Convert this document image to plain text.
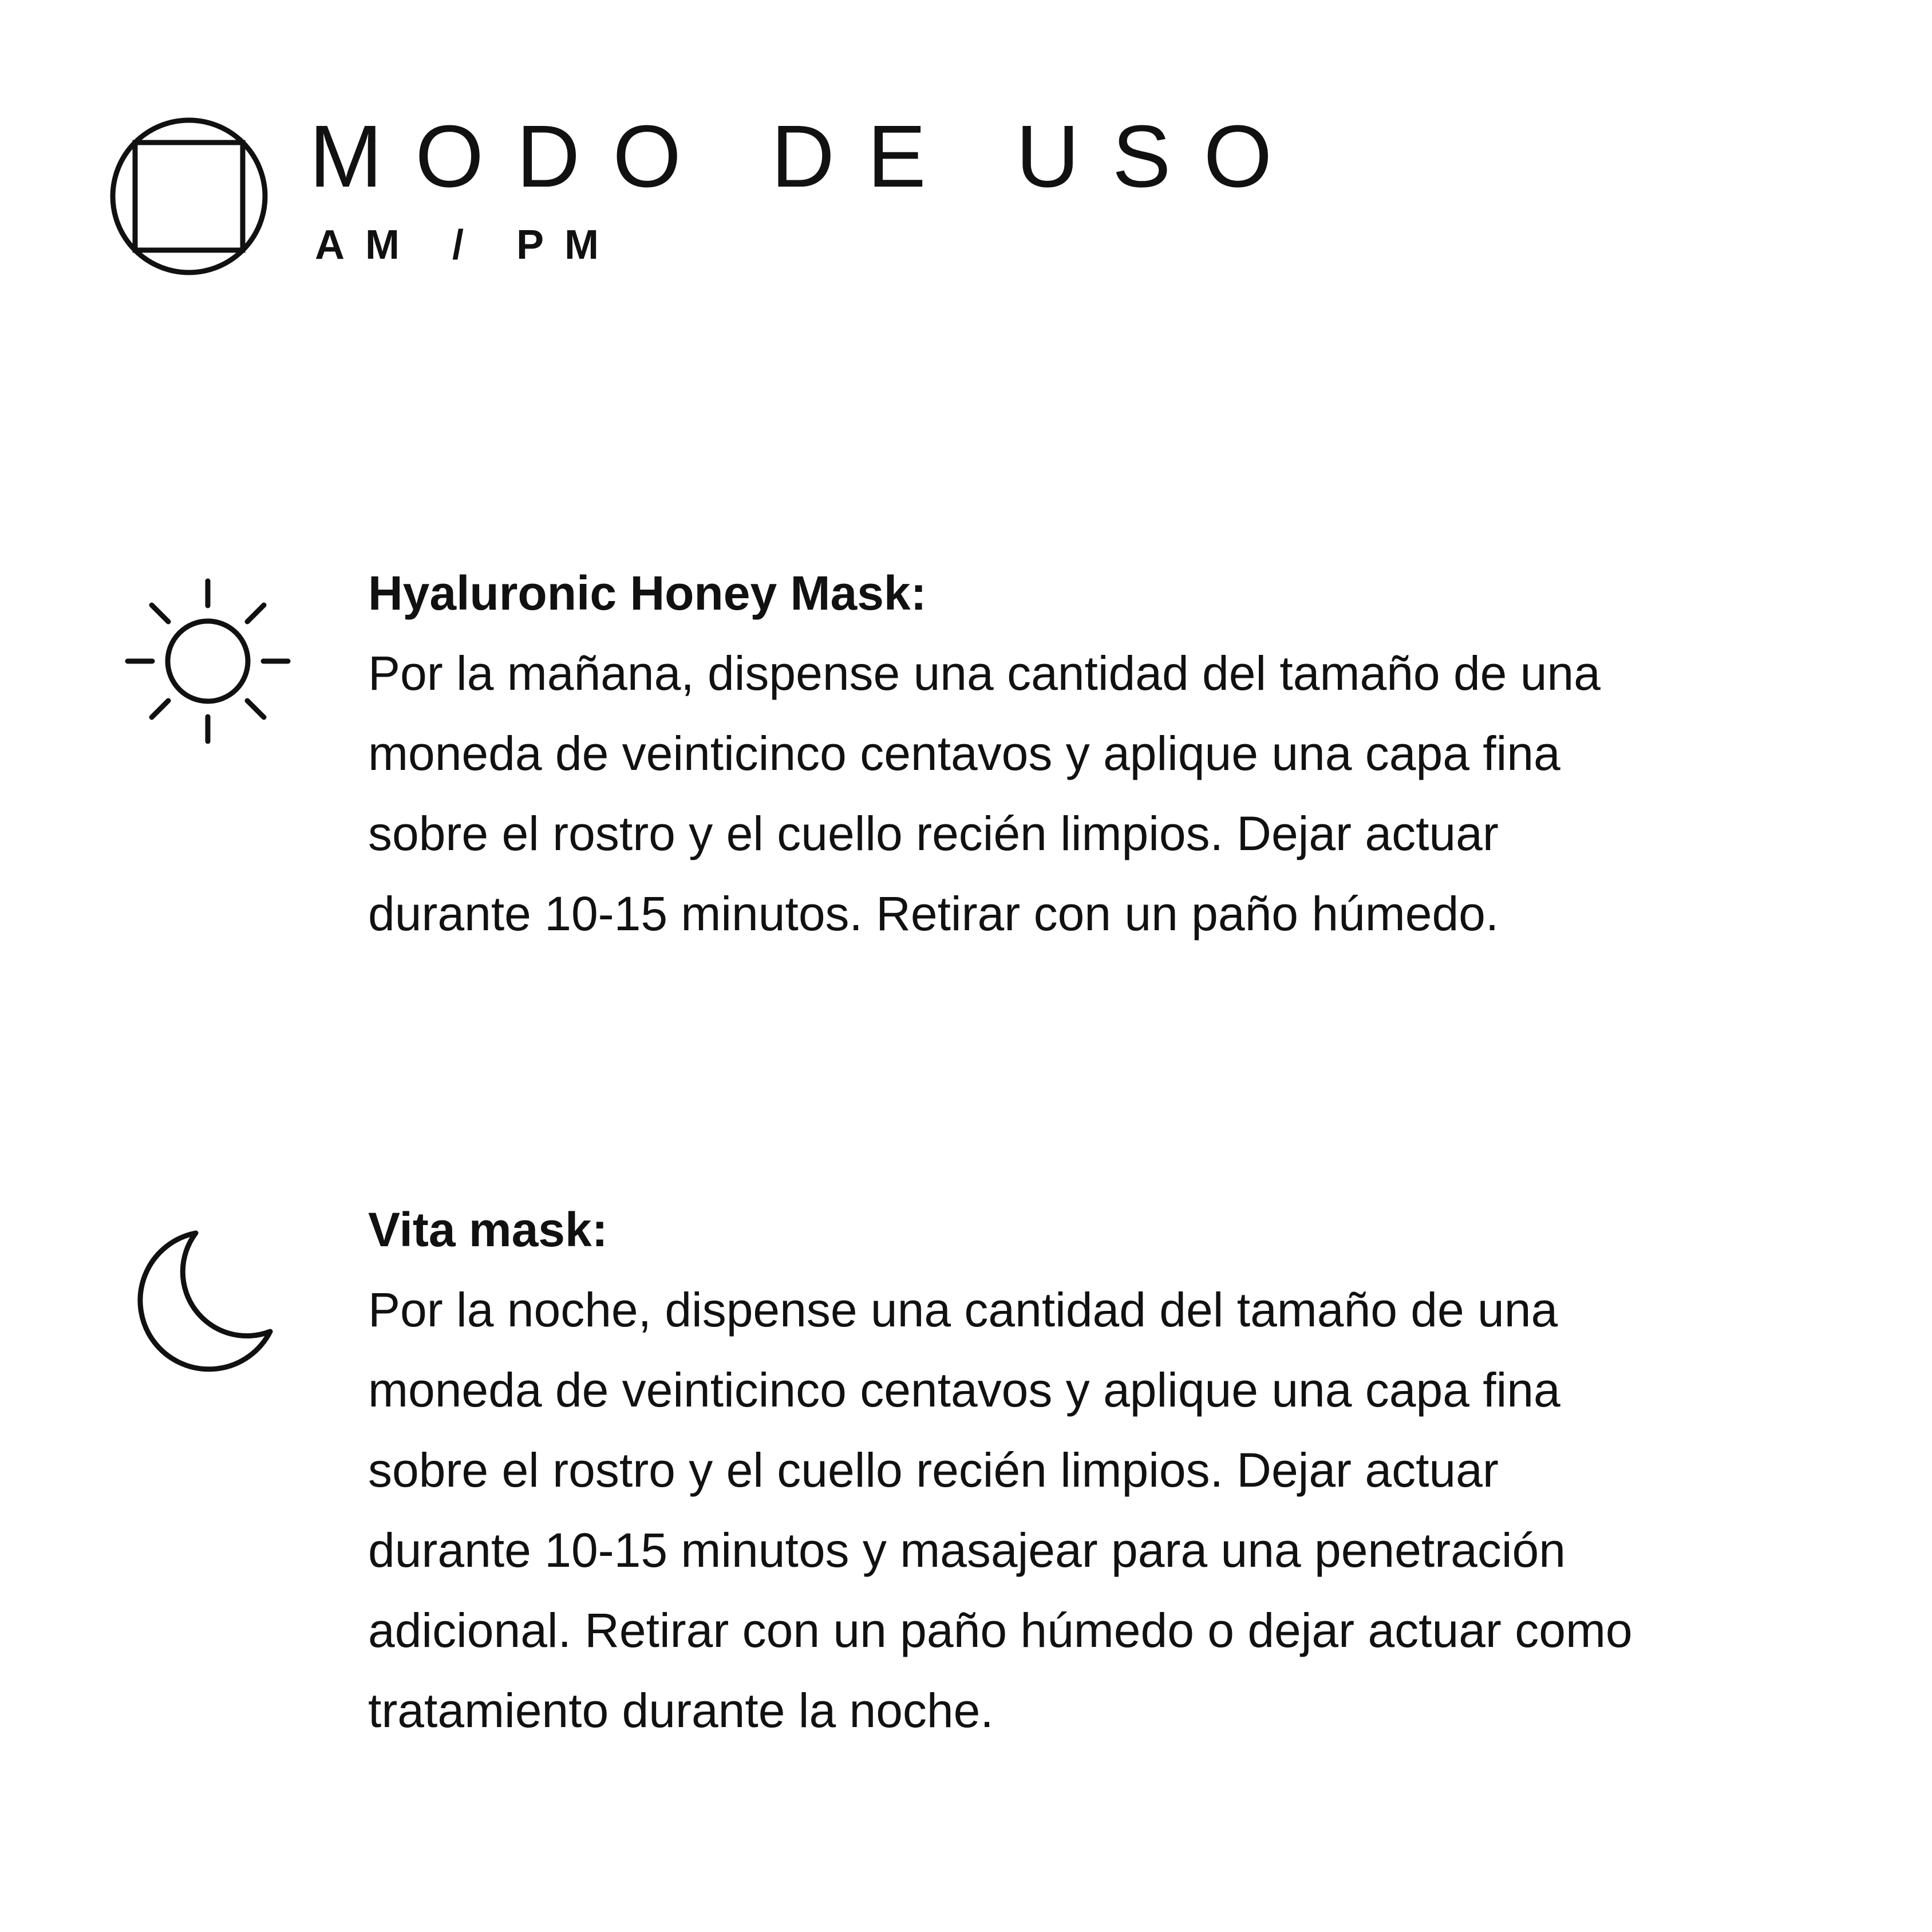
MODO DE USO
AM / PM
Hyaluronic Honey Mask:
Por la mañana, dispense una cantidad del tamaño de una
moneda de veinticinco centavos y aplique una capa fina
sobre el rostro y el cuello recién limpios. Dejar actuar
durante 10-15 minutos. Retirar con un paño húmedo.
Vita mask:
Por la noche, dispense una cantidad del tamaño de una
moneda de veinticinco centavos y aplique una capa fina
sobre el rostro y el cuello recién limpios. Dejar actuar
durante 10-15 minutos y masajear para una penetración
adicional. Retirar con un paño húmedo o dejar actuar como
tratamiento durante la noche.
